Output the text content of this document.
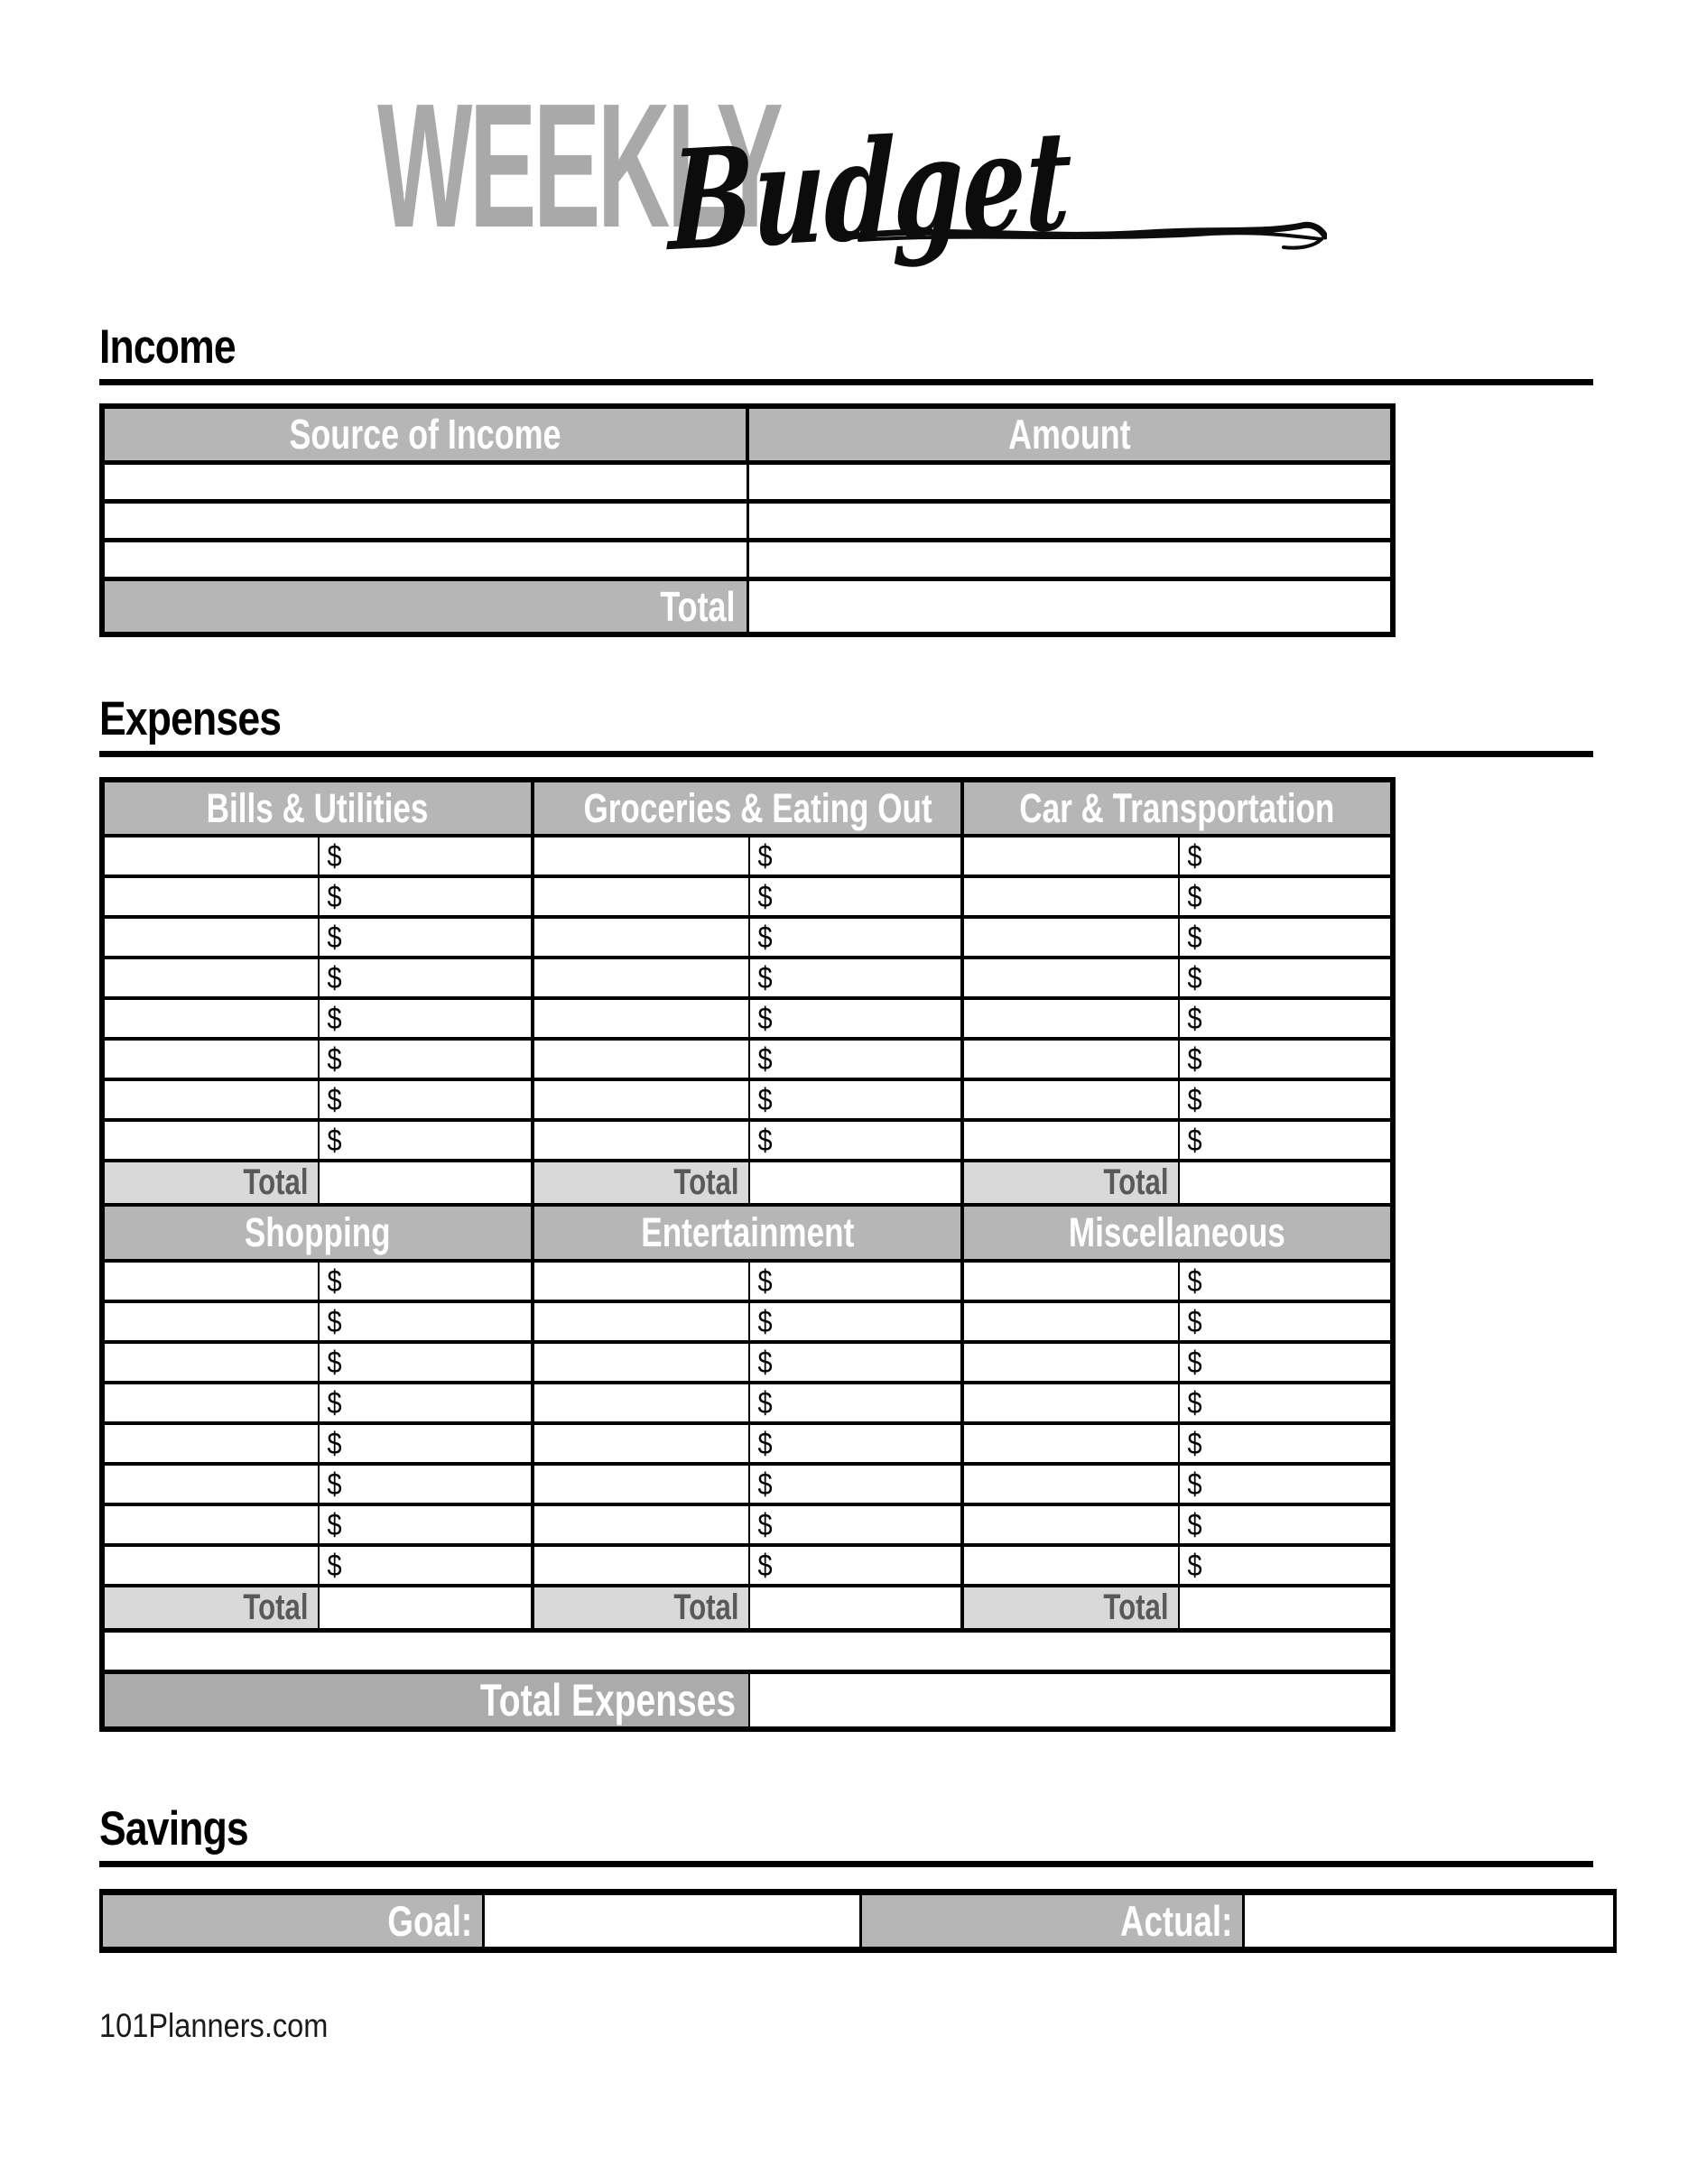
WEEKLY
Budget
Income
Source of Income	Amount

Total	
Expenses
Bills & Utilities		Groceries & Eating Out		Car & Transportation	
	$		$		$
	$		$		$
	$		$		$
	$		$		$
	$		$		$
	$		$		$
	$		$		$
	$		$		$
Total		Total		Total	
Shopping		Entertainment		Miscellaneous	
	$		$		$
	$		$		$
	$		$		$
	$		$		$
	$		$		$
	$		$		$
	$		$		$
	$		$		$
Total		Total		Total	

Total Expenses					
Savings
Goal:		Actual:	
101Planners.com
